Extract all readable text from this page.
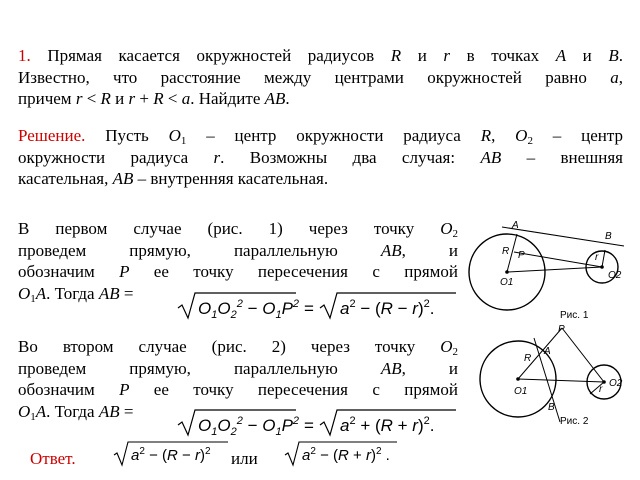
1. Прямая касается окружностей радиусов R и r в точках A и B.
Известно, что расстояние между центрами окружностей равно a,
причем r < R и r + R < a. Найдите AB.
Решение. Пусть $O_1$ – центр окружности радиуса R, $O_2$ – центр
окружности радиуса r. Возможны два случая: AB – внешняя
касательная, AB – внутренняя касательная.
В первом случае (рис. 1) через точку $O_2$
проведем прямую, параллельную AB, и
обозначим P ее точку пересечения с прямой
$O_1A$. Тогда AB =
$O_1O_2^2 - O_1P^2 = a^2 - (R - r)^2$.
Во втором случае (рис. 2) через точку $O_2$
проведем прямую, параллельную AB, и
обозначим P ее точку пересечения с прямой
$O_1A$. Тогда AB =
$O_1O_2^2 - O_1P^2 = a^2 + (R + r)^2$.
Ответ.	$a^2 - (R - r)^2$ или	$a^2 - (R + r)^2$ .
A
B
P
R
r
O1
O2
Рис. 1
P
A
R
r
O1
O2
B
Рис. 2
